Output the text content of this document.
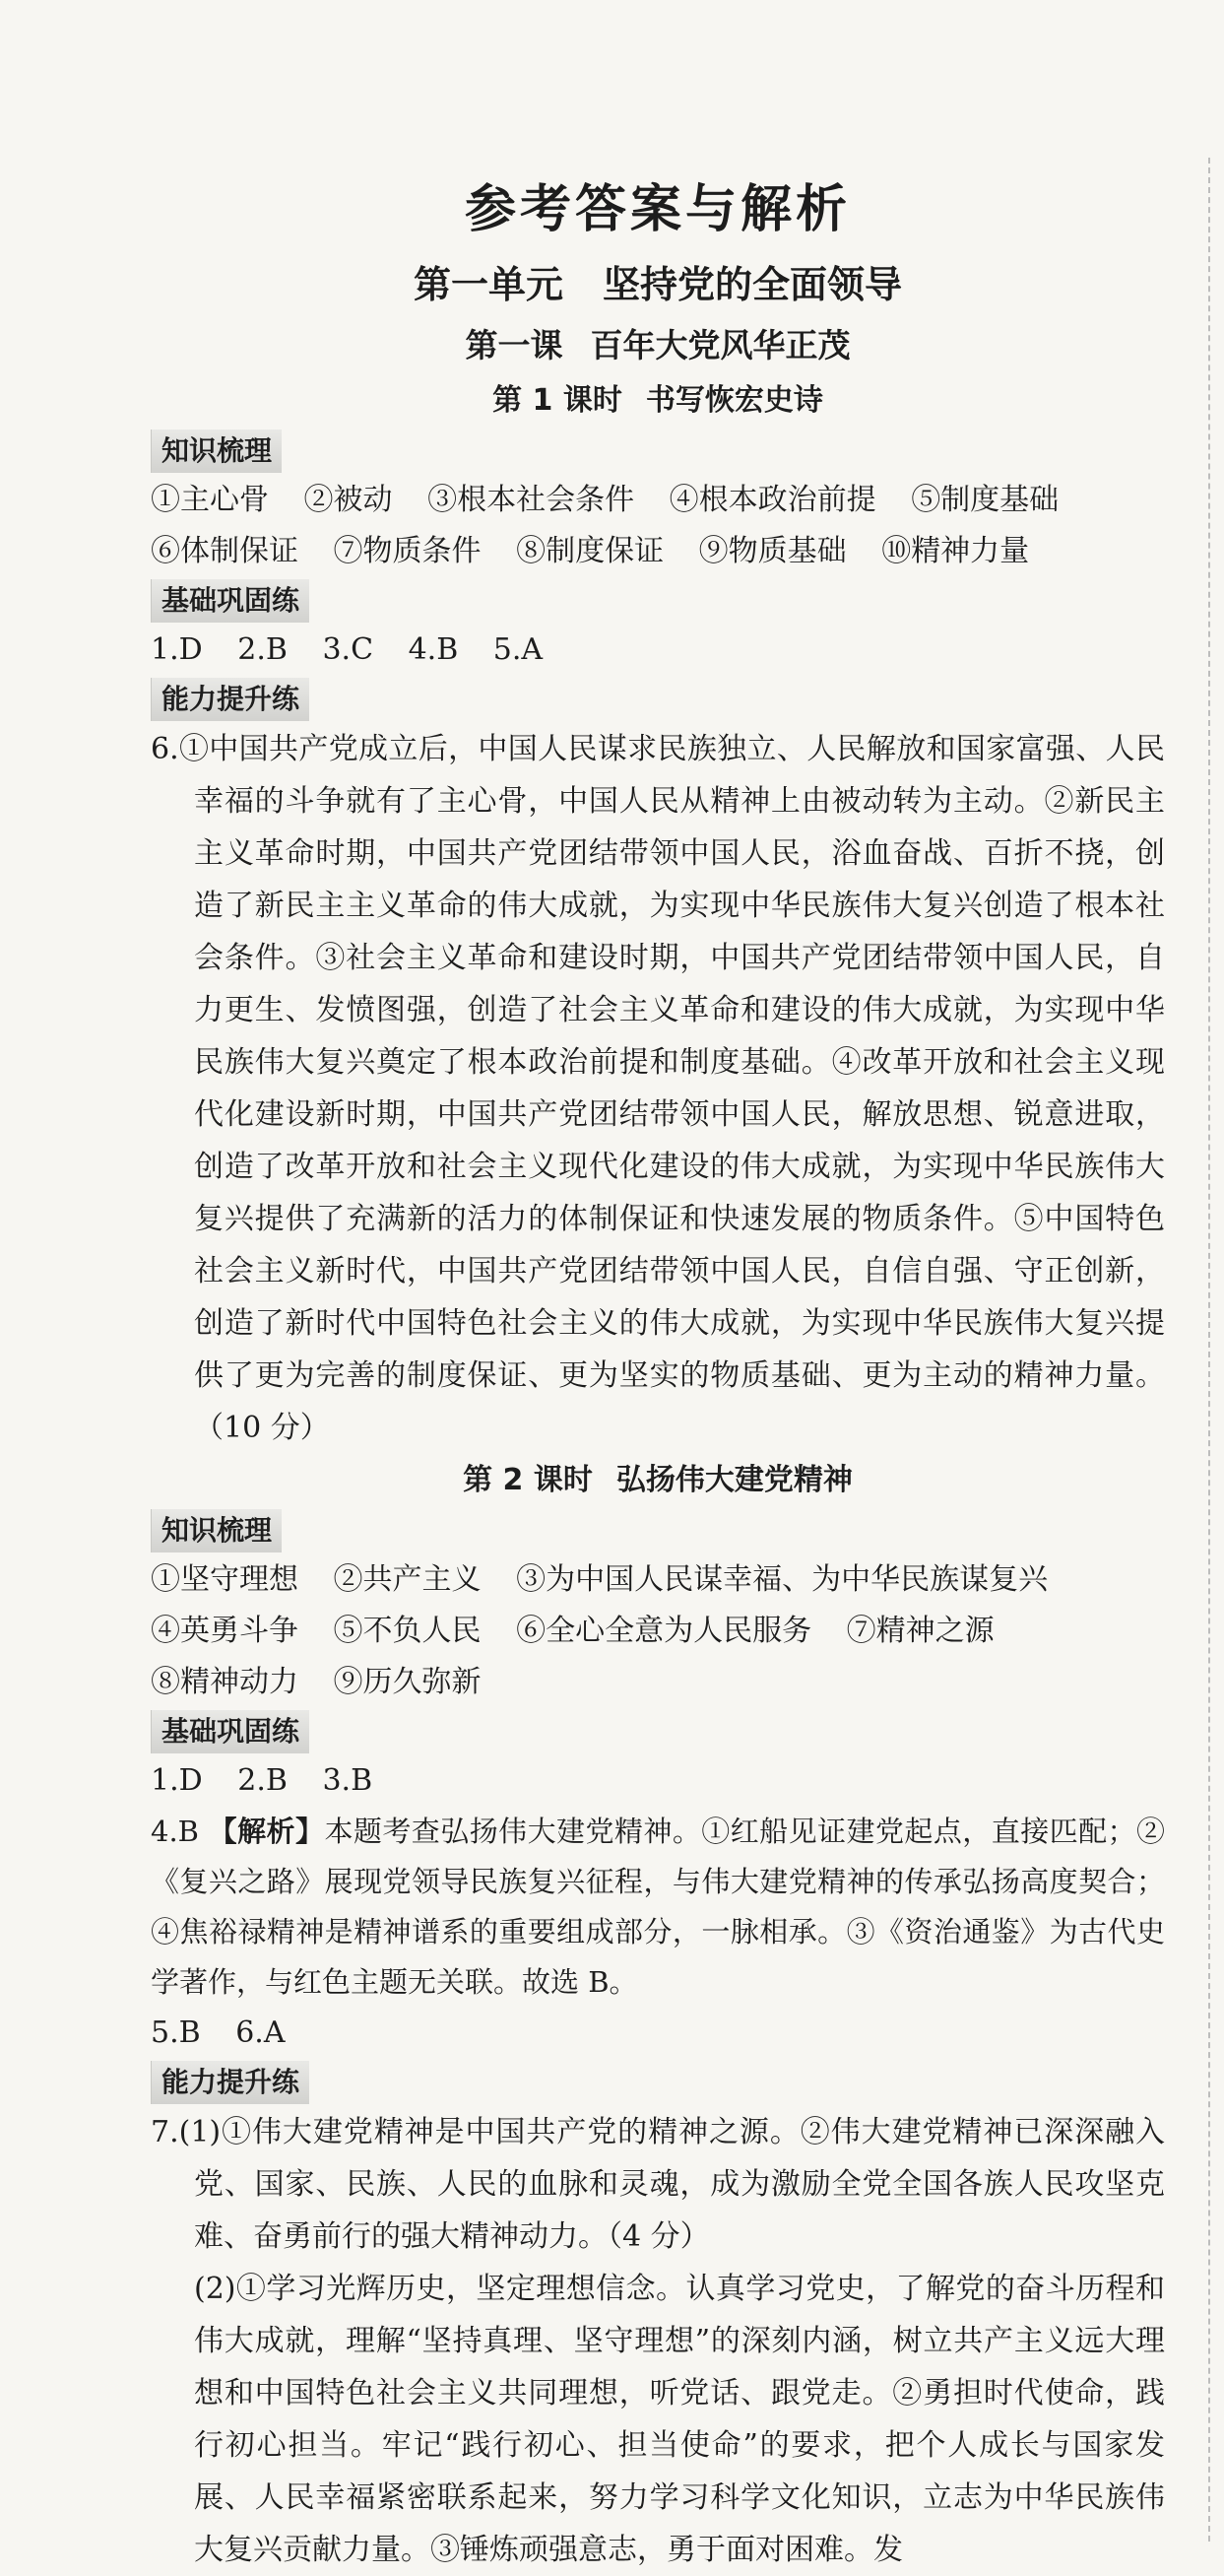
参考答案与解析
第一单元 坚持党的全面领导
第一课 百年大党风华正茂
第 1 课时 书写恢宏史诗
知识梳理
①主心骨 ②被动 ③根本社会条件 ④根本政治前提 ⑤制度基础
⑥体制保证 ⑦物质条件 ⑧制度保证 ⑨物质基础 ⑩精神力量
基础巩固练
1.D 2.B 3.C 4.B 5.A
能力提升练

6.①中国共产党成立后，中国人民谋求民族独立、人民解放和国家富强、人民幸福的斗争就有了主心骨，中国人民从精神上由被动转为主动。②新民主主义革命时期，中国共产党团结带领中国人民，浴血奋战、百折不挠，创造了新民主主义革命的伟大成就，为实现中华民族伟大复兴创造了根本社会条件。③社会主义革命和建设时期，中国共产党团结带领中国人民，自力更生、发愤图强，创造了社会主义革命和建设的伟大成就，为实现中华民族伟大复兴奠定了根本政治前提和制度基础。④改革开放和社会主义现代化建设新时期，中国共产党团结带领中国人民，解放思想、锐意进取，创造了改革开放和社会主义现代化建设的伟大成就，为实现中华民族伟大复兴提供了充满新的活力的体制保证和快速发展的物质条件。⑤中国特色社会主义新时代，中国共产党团结带领中国人民，自信自强、守正创新，创造了新时代中国特色社会主义的伟大成就，为实现中华民族伟大复兴提供了更为完善的制度保证、更为坚实的物质基础、更为主动的精神力量。（10 分）

第 2 课时 弘扬伟大建党精神
知识梳理
①坚守理想 ②共产主义 ③为中国人民谋幸福、为中华民族谋复兴
④英勇斗争 ⑤不负人民 ⑥全心全意为人民服务 ⑦精神之源
⑧精神动力 ⑨历久弥新
基础巩固练
1.D 2.B 3.B

4.B 【解析】本题考查弘扬伟大建党精神。①红船见证建党起点，直接匹配；②《复兴之路》展现党领导民族复兴征程，与伟大建党精神的传承弘扬高度契合；④焦裕禄精神是精神谱系的重要组成部分，一脉相承。③《资治通鉴》为古代史学著作，与红色主题无关联。故选 B。

5.B 6.A
能力提升练

7.(1)①伟大建党精神是中国共产党的精神之源。②伟大建党精神已深深融入党、国家、民族、人民的血脉和灵魂，成为激励全党全国各族人民攻坚克难、奋勇前行的强大精神动力。（4 分）
(2)①学习光辉历史，坚定理想信念。认真学习党史，了解党的奋斗历程和伟大成就，理解“坚持真理、坚守理想”的深刻内涵，树立共产主义远大理想和中国特色社会主义共同理想，听党话、跟党走。②勇担时代使命，践行初心担当。牢记“践行初心、担当使命”的要求，把个人成长与国家发展、人民幸福紧密联系起来，努力学习科学文化知识，立志为中华民族伟大复兴贡献力量。③锤炼顽强意志，勇于面对困难。发
